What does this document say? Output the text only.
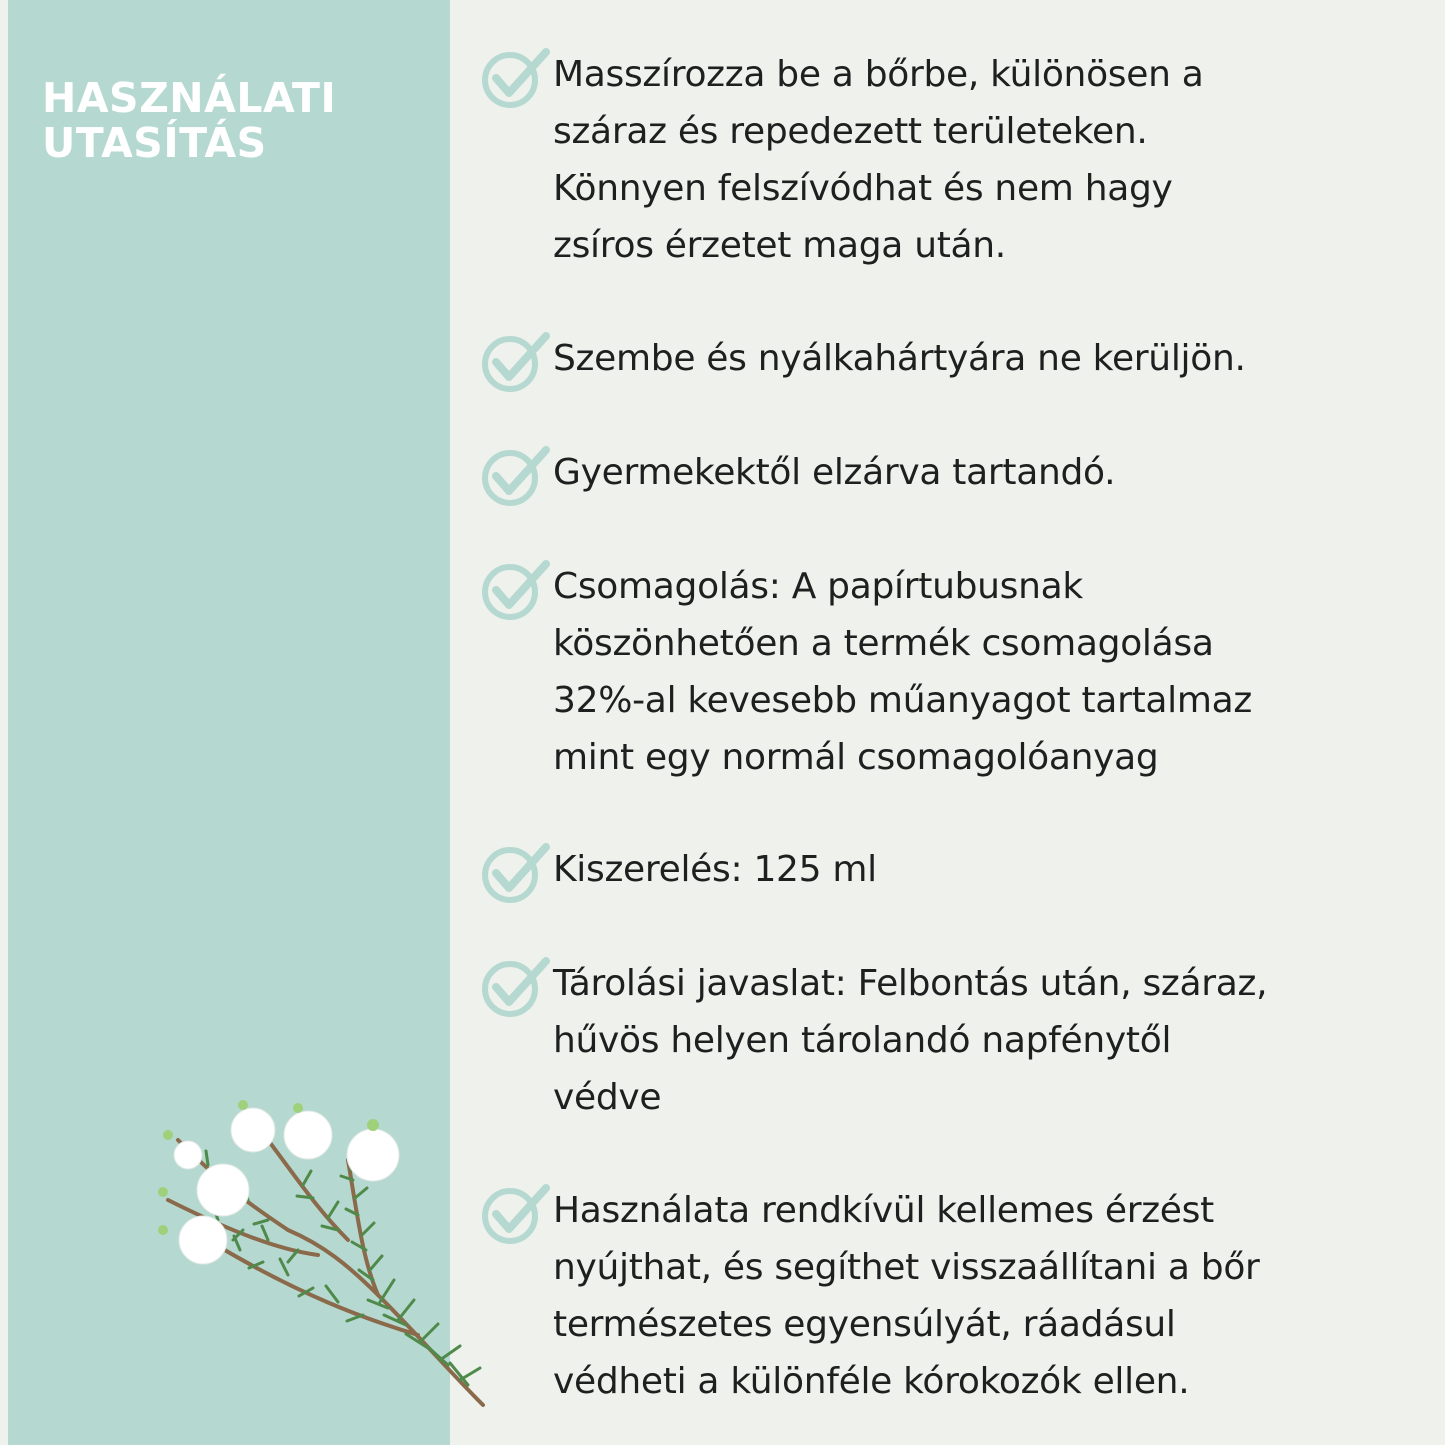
HASZNÁLATI
UTASÍTÁS

Masszírozza be a bőrbe, különösen a
száraz és repedezett területeken.
Könnyen felszívódhat és nem hagy
zsíros érzetet maga után.

Szembe és nyálkahártyára ne kerüljön.

Gyermekektől elzárva tartandó.

Csomagolás: A papírtubusnak
köszönhetően a termék csomagolása
32%-al kevesebb műanyagot tartalmaz
mint egy normál csomagolóanyag

Kiszerelés: 125 ml

Tárolási javaslat: Felbontás után, száraz,
hűvös helyen tárolandó napfénytől
védve

Használata rendkívül kellemes érzést
nyújthat, és segíthet visszaállítani a bőr
természetes egyensúlyát, ráadásul
védheti a különféle kórokozók ellen.
